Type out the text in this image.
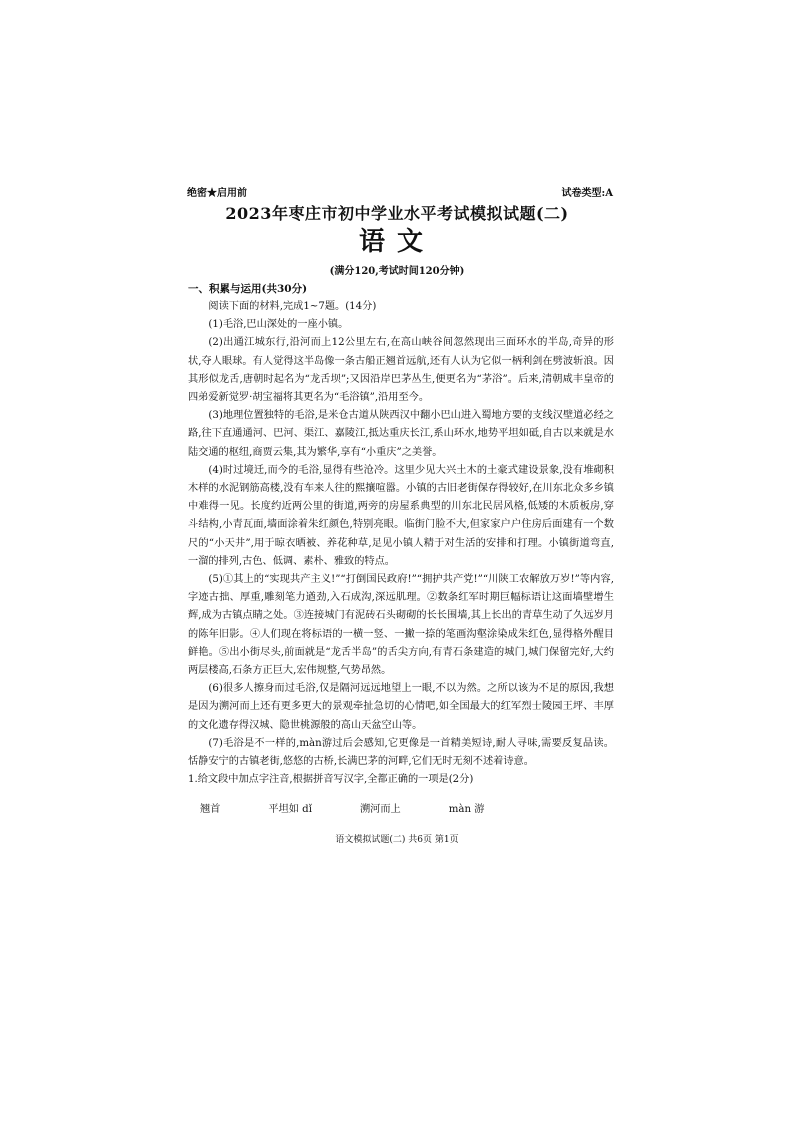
绝密★启用前	试卷类型:A
2023年枣庄市初中学业水平考试模拟试题(二)
语文
(满分120,考试时间120分钟)
一、积累与运用(共30分)

阅读下面的材料,完成1~7题。(14分)

(1)毛浴,巴山深处的一座小镇。

(2)出通江城东行,沿河而上12公里左右,在高山峡谷间忽然现出三面环水的半岛,奇异的形状,夺人眼球。有人觉得这半岛像一条古船正翘首远航,还有人认为它似一柄利剑在劈波斩浪。因其形似龙舌,唐朝时起名为“龙舌坝”;又因沿岸巴茅丛生,便更名为“茅浴”。后来,清朝咸丰皇帝的四弟爱新觉罗·胡宝福将其更名为“毛浴镇”,沿用至今。

(3)地理位置独特的毛浴,是米仓古道从陕西汉中翻小巴山进入蜀地方要的支线汉壁道必经之路,往下直通通河、巴河、渠江、嘉陵江,抵达重庆长江,系山环水,地势平坦如砥,自古以来就是水陆交通的枢纽,商贾云集,其为繁华,享有“小重庆”之美誉。

(4)时过境迁,而今的毛浴,显得有些沧冷。这里少见大兴土木的土豪式建设景象,没有堆砌积木样的水泥钢筋高楼,没有车来人往的熙攘喧嚣。小镇的古旧老街保存得较好,在川东北众多乡镇中难得一见。长度约近两公里的街道,两旁的房屋系典型的川东北民居风格,低矮的木质板房,穿斗结构,小青瓦面,墙面涂着朱红颜色,特别亮眼。临街门脸不大,但家家户户住房后面建有一个数尺的“小天井”,用于晾衣晒被、养花种草,足见小镇人精于对生活的安排和打理。小镇街道弯直,一溜的排列,古色、低调、素朴、雅致的特点。

(5)①其上的“实现共产主义!”“打倒国民政府!”“拥护共产党!”“川陕工农解放万岁!”等内容,字迹古拙、厚重,雕刻笔力遒劲,入石成沟,深远肌理。②数条红军时期巨幅标语让这面墙壁增生辉,成为古镇点睛之处。③连接城门有泥砖石头砌砌的长长围墙,其上长出的青草生动了久远岁月的陈年旧影。④人们现在将标语的一横一竖、一撇一捺的笔画沟壑涂染成朱红色,显得格外醒目鲜艳。⑤出小街尽头,前面就是“龙舌半岛”的舌尖方向,有青石条建造的城门,城门保留完好,大约两层楼高,石条方正巨大,宏伟规整,气势昂然。

(6)很多人擦身而过毛浴,仅是隔河远远地望上一眼,不以为然。之所以该为不足的原因,我想是因为溯河而上还有更多更大的景观牵扯急切的心情吧,如全国最大的红军烈士陵园王坪、丰厚的文化遗存得汉城、隐世桃源般的高山天盆空山等。

(7)毛浴是不一样的,màn游过后会感知,它更像是一首精美短诗,耐人寻味,需要反复品读。恬静安宁的古镇老街,悠悠的古桥,长满巴茅的河畔,它们无时无刻不述着诗意。

1.给文段中加点字注音,根据拼音写汉字,全都正确的一项是(2分)

翘首	平坦如 dǐ	溯河而上	màn 游
语文模拟试题(二) 共6页 第1页
